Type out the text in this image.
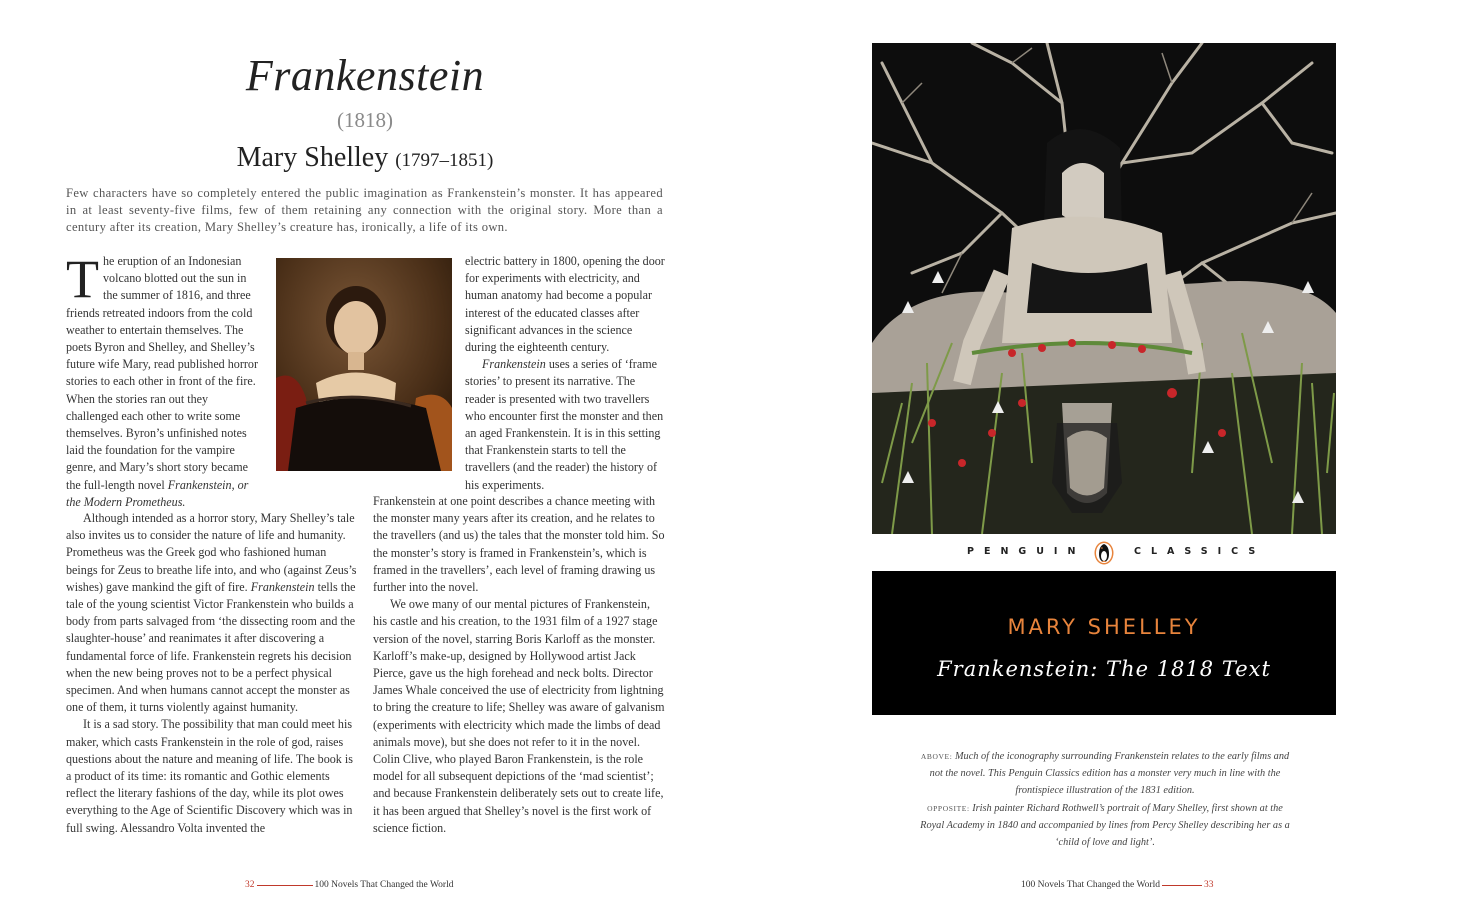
Frankenstein
(1818)
Mary Shelley (1797–1851)

Few characters have so completely entered the public imagination as Frankenstein’s monster. It has appeared in at least seventy-five films, few of them retaining any connection with the original story. More than a century after its creation, Mary Shelley’s creature has, ironically, a life of its own.

The eruption of an Indonesian volcano blotted out the sun in the summer of 1816, and three friends retreated indoors from the cold weather to entertain themselves. The poets Byron and Shelley, and Shelley’s future wife Mary, read published horror stories to each other in front of the fire. When the stories ran out they challenged each other to write some themselves. Byron’s unfinished notes laid the foundation for the vampire genre, and Mary’s short story became the full-length novel Frankenstein, or the Modern Prometheus.

Although intended as a horror story, Mary Shelley’s tale also invites us to consider the nature of life and humanity. Prometheus was the Greek god who fashioned human beings for Zeus to breathe life into, and who (against Zeus’s wishes) gave mankind the gift of fire. Frankenstein tells the tale of the young scientist Victor Frankenstein who builds a body from parts salvaged from ‘the dissecting room and the slaughter-house’ and reanimates it after discovering a fundamental force of life. Frankenstein regrets his decision when the new being proves not to be a perfect physical specimen. And when humans cannot accept the monster as one of them, it turns violently against humanity.

It is a sad story. The possibility that man could meet his maker, which casts Frankenstein in the role of god, raises questions about the nature and meaning of life. The book is a product of its time: its romantic and Gothic elements reflect the literary fashions of the day, while its plot owes everything to the Age of Scientific Discovery which was in full swing. Alessandro Volta invented the

electric battery in 1800, opening the door for experiments with electricity, and human anatomy had become a popular interest of the educated classes after significant advances in the science during the eighteenth century.

Frankenstein uses a series of ‘frame stories’ to present its narrative. The reader is presented with two travellers who encounter first the monster and then an aged Frankenstein. It is in this setting that Frankenstein starts to tell the travellers (and the reader) the history of his experiments.

Frankenstein at one point describes a chance meeting with the monster many years after its creation, and he relates to the travellers (and us) the tales that the monster told him. So the monster’s story is framed in Frankenstein’s, which is framed in the travellers’, each level of framing drawing us further into the novel.

We owe many of our mental pictures of Frankenstein, his castle and his creation, to the 1931 film of a 1927 stage version of the novel, starring Boris Karloff as the monster. Karloff’s make-up, designed by Hollywood artist Jack Pierce, gave us the high forehead and neck bolts. Director James Whale conceived the use of electricity from lightning to bring the creature to life; Shelley was aware of galvanism (experiments with electricity which made the limbs of dead animals move), but she does not refer to it in the novel. Colin Clive, who played Baron Frankenstein, is the role model for all subsequent depictions of the ‘mad scientist’; and because Frankenstein deliberately sets out to create life, it has been argued that Shelley’s novel is the first work of science fiction.

32	100 Novels That Changed the World
PENGUIN	CLASSICS
MARY SHELLEY
Frankenstein: The 1818 Text

ABOVE: Much of the iconography surrounding Frankenstein relates to the early films and not the novel. This Penguin Classics edition has a monster very much in line with the frontispiece illustration of the 1831 edition.

OPPOSITE: Irish painter Richard Rothwell’s portrait of Mary Shelley, first shown at the Royal Academy in 1840 and accompanied by lines from Percy Shelley describing her as a ‘child of love and light’.

100 Novels That Changed the World	33
